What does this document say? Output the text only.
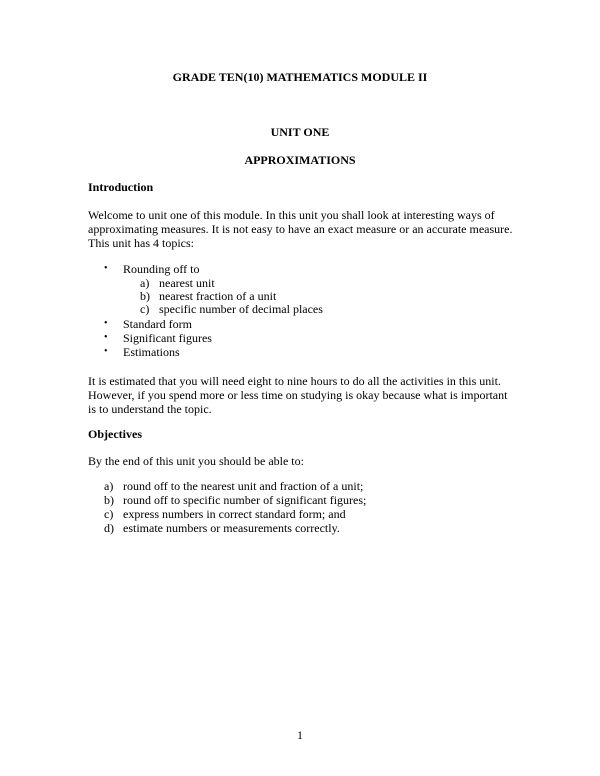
GRADE TEN(10) MATHEMATICS MODULE II
UNIT ONE
APPROXIMATIONS
Introduction
Welcome to unit one of this module. In this unit you shall look at interesting ways of approximating measures. It is not easy to have an exact measure or an accurate measure. This unit has 4 topics:
• Rounding off to
a) nearest unit
b) nearest fraction of a unit
c) specific number of decimal places
• Standard form
• Significant figures
• Estimations
It is estimated that you will need eight to nine hours to do all the activities in this unit. However, if you spend more or less time on studying is okay because what is important is to understand the topic.
Objectives
By the end of this unit you should be able to:
a) round off to the nearest unit and fraction of a unit;
b) round off to specific number of significant figures;
c) express numbers in correct standard form; and
d) estimate numbers or measurements correctly.
1
